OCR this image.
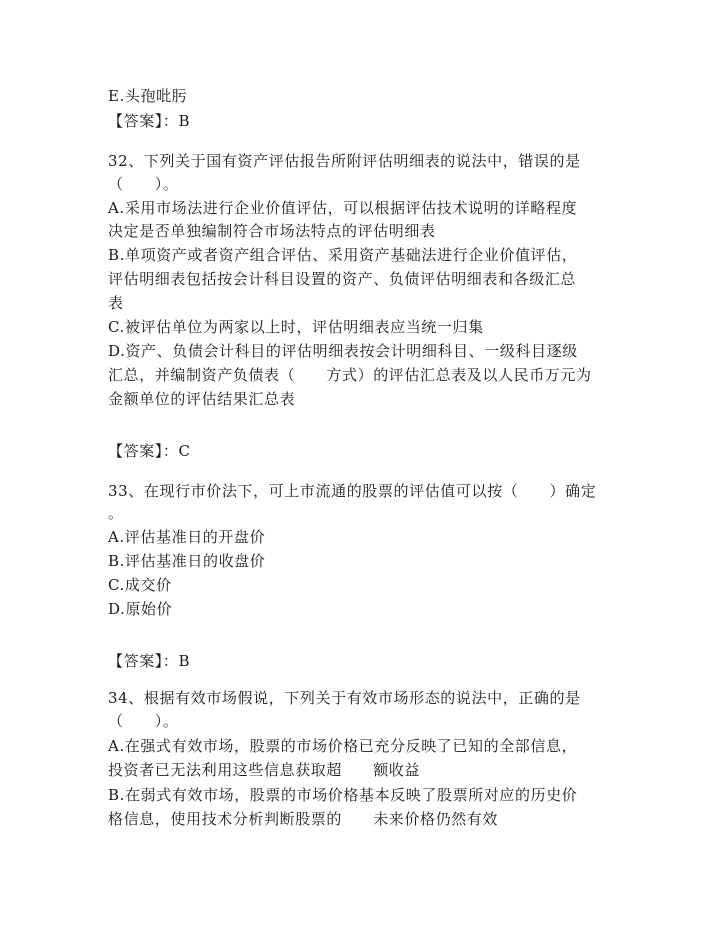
E.头孢吡肟
【答案】：B
32、下列关于国有资产评估报告所附评估明细表的说法中，错误的是
（　　）。
A.采用市场法进行企业价值评估，可以根据评估技术说明的详略程度
决定是否单独编制符合市场法特点的评估明细表
B.单项资产或者资产组合评估、采用资产基础法进行企业价值评估，
评估明细表包括按会计科目设置的资产、负债评估明细表和各级汇总
表
C.被评估单位为两家以上时，评估明细表应当统一归集
D.资产、负债会计科目的评估明细表按会计明细科目、一级科目逐级
汇总，并编制资产负债表（　　方式）的评估汇总表及以人民币万元为
金额单位的评估结果汇总表
【答案】：C
33、在现行市价法下，可上市流通的股票的评估值可以按（　　）确定
。
A.评估基准日的开盘价
B.评估基准日的收盘价
C.成交价
D.原始价
【答案】：B
34、根据有效市场假说，下列关于有效市场形态的说法中，正确的是
（　　）。
A.在强式有效市场，股票的市场价格已充分反映了已知的全部信息，
投资者已无法利用这些信息获取超　　额收益
B.在弱式有效市场，股票的市场价格基本反映了股票所对应的历史价
格信息，使用技术分析判断股票的　　未来价格仍然有效
